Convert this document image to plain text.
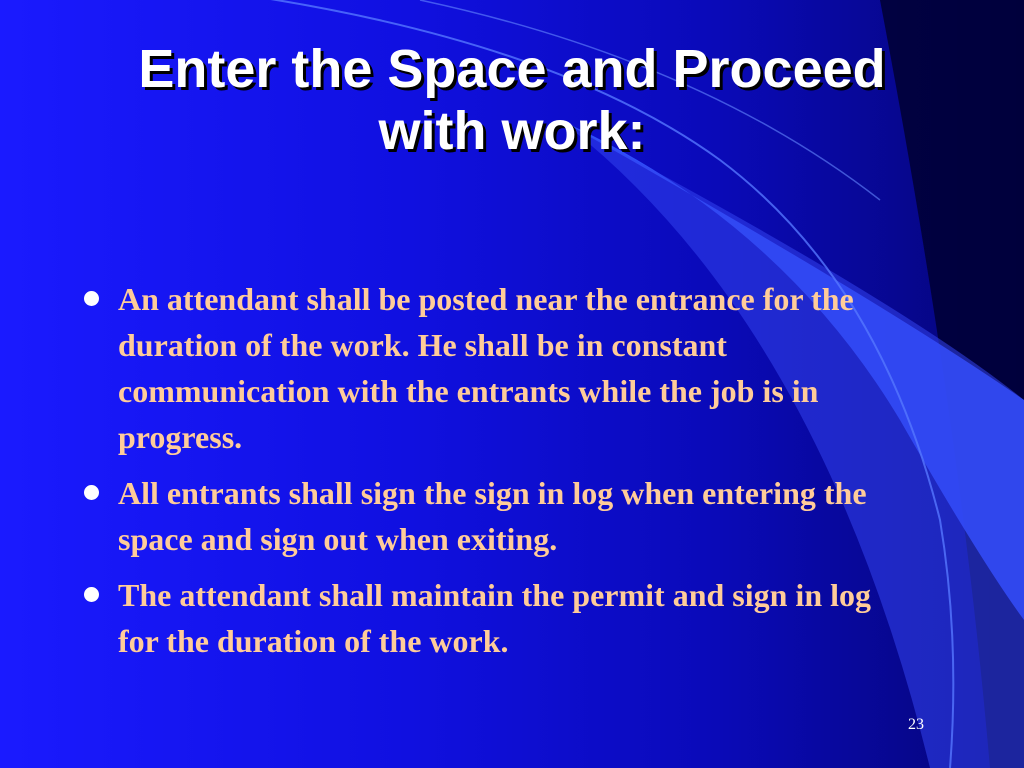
Enter the Space and Proceed with work:
An attendant shall be posted near the entrance for the duration of the work. He shall be in constant communication with the entrants while the job is in progress.
All entrants shall sign the sign in log when entering the space and sign out when exiting.
The attendant shall maintain the permit and sign in log for the duration of the work.
23
